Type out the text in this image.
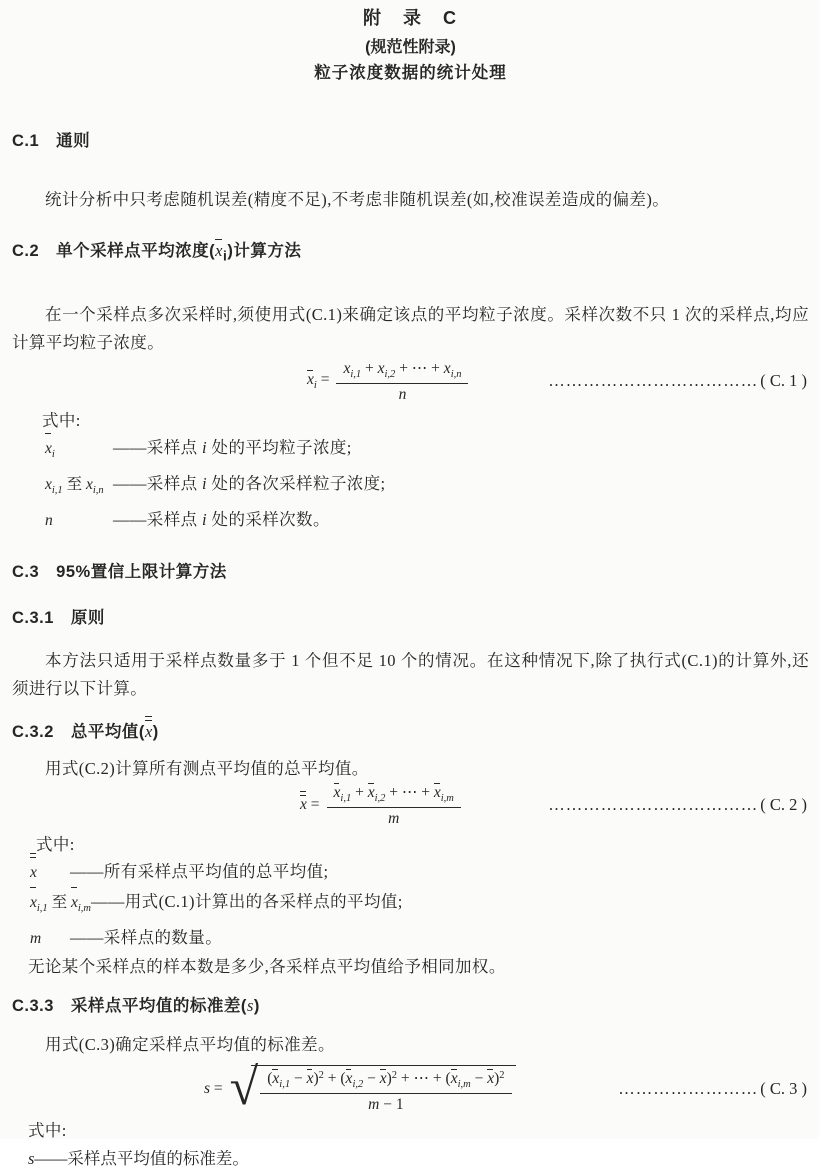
附　录　C
(规范性附录)
粒子浓度数据的统计处理
C.1　通则

统计分析中只考虑随机误差(精度不足),不考虑非随机误差(如,校准误差造成的偏差)。

C.2　单个采样点平均浓度$(x_i)$计算方法

在一个采样点多次采样时,须使用式(C.1)来确定该点的平均粒子浓度。采样次数不只 1 次的采样点,均应计算平均粒子浓度。

$x_i = \frac{x_{i,1} + x_{i,2} + \cdots + x_{i,n}}{n}$	……………………………… ( C. 1 )
式中:
$x_i$	——采样点 i 处的平均粒子浓度;
$x_{i,1}$ 至 $x_{i,n}$ ——采样点 i 处的各次采样粒子浓度;
n	——采样点 i 处的采样次数。
C.3　95%置信上限计算方法
C.3.1　原则

本方法只适用于采样点数量多于 1 个但不足 10 个的情况。在这种情况下,除了执行式(C.1)的计算外,还须进行以下计算。

C.3.2　总平均值(x)

用式(C.2)计算所有测点平均值的总平均值。

$x = \frac{x_{i,1} + x_{i,2} + \cdots + x_{i,m}}{m}$	……………………………… ( C. 2 )
式中:
x	——所有采样点平均值的总平均值;
$x_{i,1}$ 至 $x_{i,m}$ ——用式(C.1)计算出的各采样点的平均值;
m	——采样点的数量。
无论某个采样点的样本数是多少,各采样点平均值给予相同加权。
C.3.3　采样点平均值的标准差(s)

用式(C.3)确定采样点平均值的标准差。

s = √ $\frac{(x_{i,1} - x)^2 + (x_{i,2} - x)^2 + \cdots + (x_{i,m} - x)^2}{m - 1}$	…………………… ( C. 3 )
式中:
s——采样点平均值的标准差。
